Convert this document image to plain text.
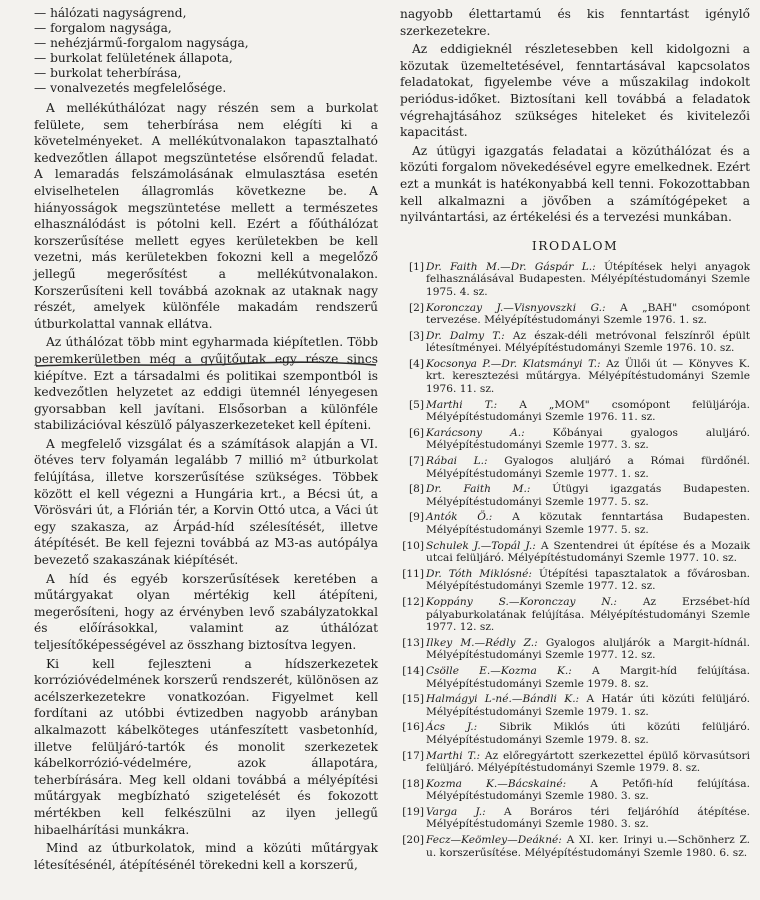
— hálózati nagyságrend,
— forgalom nagysága,
— nehézjármű-forgalom nagysága,
— burkolat felületének állapota,
— burkolat teherbírása,
— vonalvezetés megfelelősége.

A mellékúthálózat nagy részén sem a burkolat felülete, sem teherbírása nem elégíti ki a követelményeket. A mellékútvonalakon tapasztalható kedvezőtlen állapot megszüntetése elsőrendű feladat. A lemaradás felszámolásának elmulasztása esetén elviselhetelen állagromlás következne be. A hiányosságok megszüntetése mellett a természetes elhasználódást is pótolni kell. Ezért a főúthálózat korszerűsítése mellett egyes kerületekben be kell vezetni, más kerületekben fokozni kell a megelőző jellegű megerősítést a mellékútvonalakon. Korszerűsíteni kell továbbá azoknak az utaknak nagy részét, amelyek különféle makadám rendszerű útburkolattal vannak ellátva.

Az úthálózat több mint egyharmada kiépítetlen. Több peremkerületben még a gyűjtőutak egy része sincs kiépítve. Ezt a társadalmi és politikai szempontból is kedvezőtlen helyzetet az eddigi ütemnél lényegesen gyorsabban kell javítani. Elsősorban a különféle stabilizációval készülő pályaszerkezeteket kell építeni.

A megfelelő vizsgálat és a számítások alapján a VI. ötéves terv folyamán legalább 7 millió m² útburkolat felújítása, illetve korszerűsítése szükséges. Többek között el kell végezni a Hungária krt., a Bécsi út, a Vörösvári út, a Flórián tér, a Korvin Ottó utca, a Váci út egy szakasza, az Árpád-híd szélesítését, illetve átépítését. Be kell fejezni továbbá az M3-as autópálya bevezető szakaszának kiépítését.

A híd és egyéb korszerűsítések keretében a műtárgyakat olyan mértékig kell átépíteni, megerősíteni, hogy az érvényben levő szabályzatokkal és előírásokkal, valamint az úthálózat teljesítőképességével az összhang biztosítva legyen.

Ki kell fejleszteni a hídszerkezetek korrózióvédelmének korszerű rendszerét, különösen az acélszerkezetekre vonatkozóan. Figyelmet kell fordítani az utóbbi évtizedben nagyobb arányban alkalmazott kábelköteges utánfeszített vasbetonhíd, illetve felüljáró-tartók és monolit szerkezetek kábelkorrózió-védelmére, azok állapotára, teherbírására. Meg kell oldani továbbá a mélyépítési műtárgyak megbízható szigetelését és fokozott mértékben kell felkészülni az ilyen jellegű hibaelhárítási munkákra.

Mind az útburkolatok, mind a közúti műtárgyak létesítésénél, átépítésénél törekedni kell a korszerű,

nagyobb élettartamú és kis fenntartást igénylő szerkezetekre.

Az eddigieknél részletesebben kell kidolgozni a közutak üzemeltetésével, fenntartásával kapcsolatos feladatokat, figyelembe véve a műszakilag indokolt periódus-időket. Biztosítani kell továbbá a feladatok végrehajtásához szükséges hiteleket és kivitelezői kapacitást.

Az útügyi igazgatás feladatai a közúthálózat és a közúti forgalom növekedésével egyre emelkednek. Ezért ezt a munkát is hatékonyabbá kell tenni. Fokozottabban kell alkalmazni a jövőben a számítógépeket a nyilvántartási, az értékelési és a tervezési munkában.

IRODALOM
[1] Dr. Faith M.—Dr. Gáspár L.: Útépítések helyi anyagok felhasználásával Budapesten. Mélyépítéstudományi Szemle 1975. 4. sz.
[2] Koronczay J.—Visnyovszki G.: A „BAH" csomópont tervezése. Mélyépítéstudományi Szemle 1976. 1. sz.
[3] Dr. Dalmy T.: Az észak-déli metróvonal felszínről épült létesítményei. Mélyépítéstudományi Szemle 1976. 10. sz.
[4] Kocsonya P.—Dr. Klatsmányi T.: Az Üllői út — Könyves K. krt. keresztezési műtárgya. Mélyépítéstudományi Szemle 1976. 11. sz.
[5] Marthi T.: A „MOM" csomópont felüljárója. Mélyépítéstudományi Szemle 1976. 11. sz.
[6] Karácsony A.:	Kőbányai gyalogos aluljáró. Mélyépítéstudományi Szemle 1977. 3. sz.
[7] Rábai L.: Gyalogos aluljáró a Római fürdőnél. Mélyépítéstudományi Szemle 1977. 1. sz.
[8] Dr. Faith M.: Útügyi igazgatás Budapesten. Mélyépítéstudományi Szemle 1977. 5. sz.
[9] Antók Ö.: A közutak fenntartása Budapesten. Mélyépítéstudományi Szemle 1977. 5. sz.
[10] Schulek J.—Topál J.: A Szentendrei út építése és a Mozaik utcai felüljáró. Mélyépítéstudományi Szemle 1977. 10. sz.
[11] Dr. Tóth Miklósné: Útépítési tapasztalatok a fővárosban. Mélyépítéstudományi Szemle 1977. 12. sz.
[12] Koppány S.—Koronczay N.: Az Erzsébet-híd pályaburkolatának felújítása. Mélyépítéstudományi Szemle 1977. 12. sz.
[13] Ilkey M.—Rédly Z.: Gyalogos aluljárók a Margit-hídnál. Mélyépítéstudományi Szemle 1977. 12. sz.
[14] Csölle E.—Kozma K.: A Margit-híd felújítása. Mélyépítéstudományi Szemle 1979. 8. sz.
[15] Halmágyi L-né.—Bándli K.: A Határ úti közúti felüljáró. Mélyépítéstudományi Szemle 1979. 1. sz.
[16] Ács J.: Sibrik Miklós úti közúti felüljáró. Mélyépítéstudományi Szemle 1979. 8. sz.
[17] Marthi T.: Az előregyártott szerkezettel épülő körvasútsori felüljáró. Mélyépítéstudományi Szemle 1979. 8. sz.
[18] Kozma K.—Bácskainé: A Petőfi-híd felújítása. Mélyépítéstudományi Szemle 1980. 3. sz.
[19] Varga J.: A Boráros téri feljáróhíd átépítése. Mélyépítéstudományi Szemle 1980. 3. sz.
[20] Fecz—Keömley—Deákné: A XI. ker. Irinyi u.—Schönherz Z. u. korszerűsítése. Mélyépítéstudományi Szemle 1980. 6. sz.
